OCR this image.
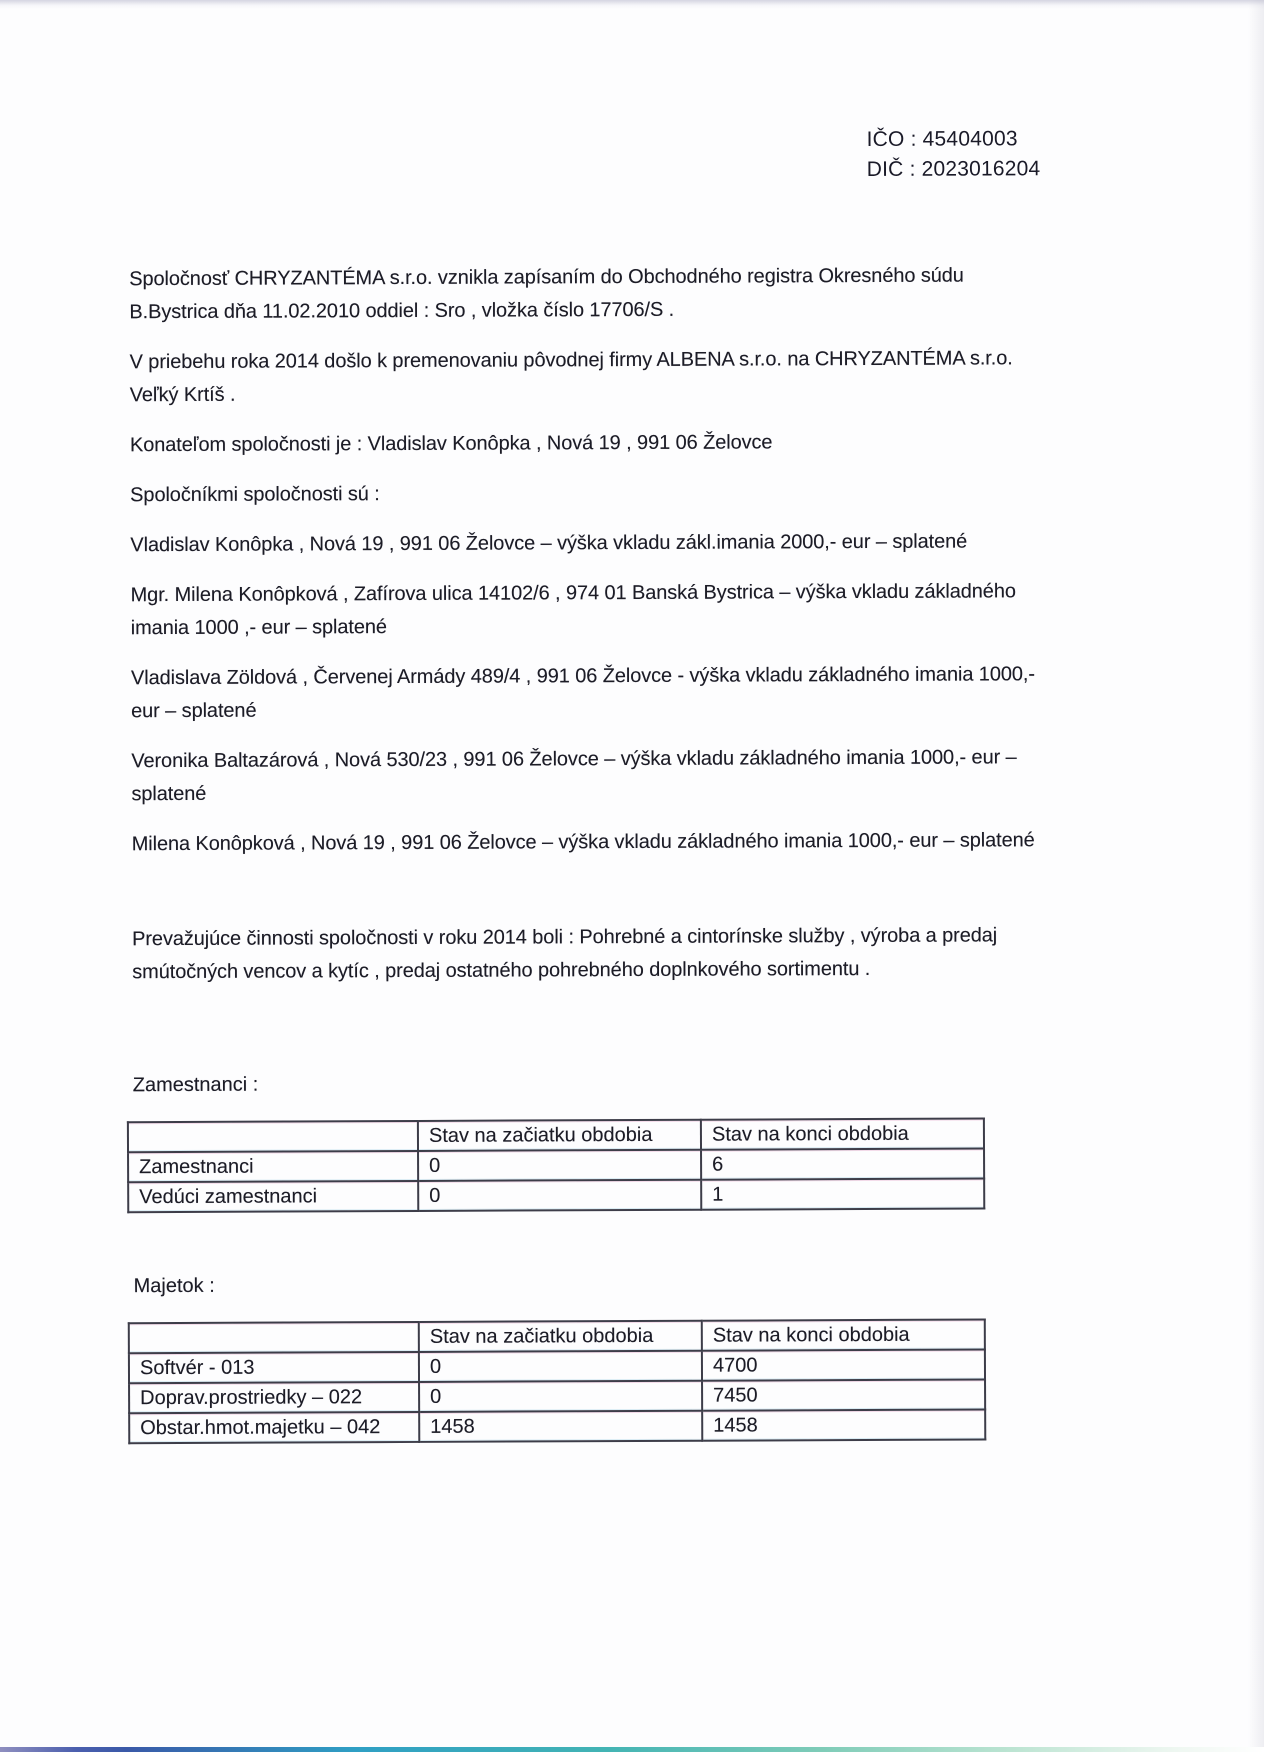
IČO : 45404003
DIČ : 2023016204

Spoločnosť CHRYZANTÉMA s.r.o. vznikla zapísaním do Obchodného registra Okresného súdu B.Bystrica dňa 11.02.2010 oddiel : Sro , vložka číslo 17706/S .

V priebehu roka 2014 došlo k premenovaniu pôvodnej firmy ALBENA s.r.o. na CHRYZANTÉMA s.r.o. Veľký Krtíš .

Konateľom spoločnosti je : Vladislav Konôpka , Nová 19 , 991 06 Želovce

Spoločníkmi spoločnosti sú :

Vladislav Konôpka , Nová 19 , 991 06 Želovce – výška vkladu zákl.imania 2000,- eur – splatené

Mgr. Milena Konôpková , Zafírova ulica 14102/6 , 974 01 Banská Bystrica – výška vkladu základného imania 1000 ,- eur – splatené

Vladislava Zöldová , Červenej Armády 489/4 , 991 06 Želovce - výška vkladu základného imania 1000,- eur – splatené

Veronika Baltazárová , Nová 530/23 , 991 06 Želovce – výška vkladu základného imania 1000,- eur – splatené

Milena Konôpková , Nová 19 , 991 06 Želovce – výška vkladu základného imania 1000,- eur – splatené

Prevažujúce činnosti spoločnosti v roku 2014 boli : Pohrebné a cintorínske služby , výroba a predaj smútočných vencov a kytíc , predaj ostatného pohrebného doplnkového sortimentu .

Zamestnanci :
	Stav na začiatku obdobia	Stav na konci obdobia
Zamestnanci	0	6
Vedúci zamestnanci	0	1
Majetok :
	Stav na začiatku obdobia	Stav na konci obdobia
Softvér - 013	0	4700
Doprav.prostriedky – 022	0	7450
Obstar.hmot.majetku – 042	1458	1458
